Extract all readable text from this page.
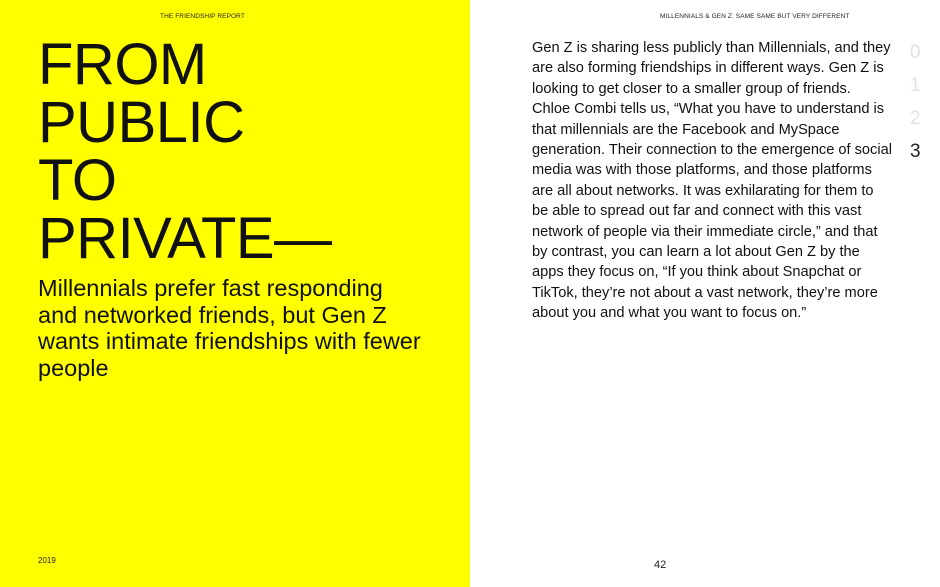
THE FRIENDSHIP REPORT
FROM
PUBLIC
TO
PRIVATE—

Millennials prefer fast responding and networked friends, but Gen Z wants intimate friendships with fewer people

2019
MILLENNIALS & GEN Z: SAME SAME BUT VERY DIFFERENT

Gen Z is sharing less publicly than Millennials, and they are also forming friendships in different ways. Gen Z is looking to get closer to a smaller group of friends. Chloe Combi tells us, “What you have to understand is that millennials are the Facebook and MySpace generation. Their connection to the emergence of social media was with those platforms, and those platforms are all about networks. It was exhilarating for them to be able to spread out far and connect with this vast network of people via their immediate circle,” and that by contrast, you can learn a lot about Gen Z by the apps they focus on, “If you think about Snapchat or TikTok, they’re not about a vast network, they’re more about you and what you want to focus on.”

42
0
1
2
3
